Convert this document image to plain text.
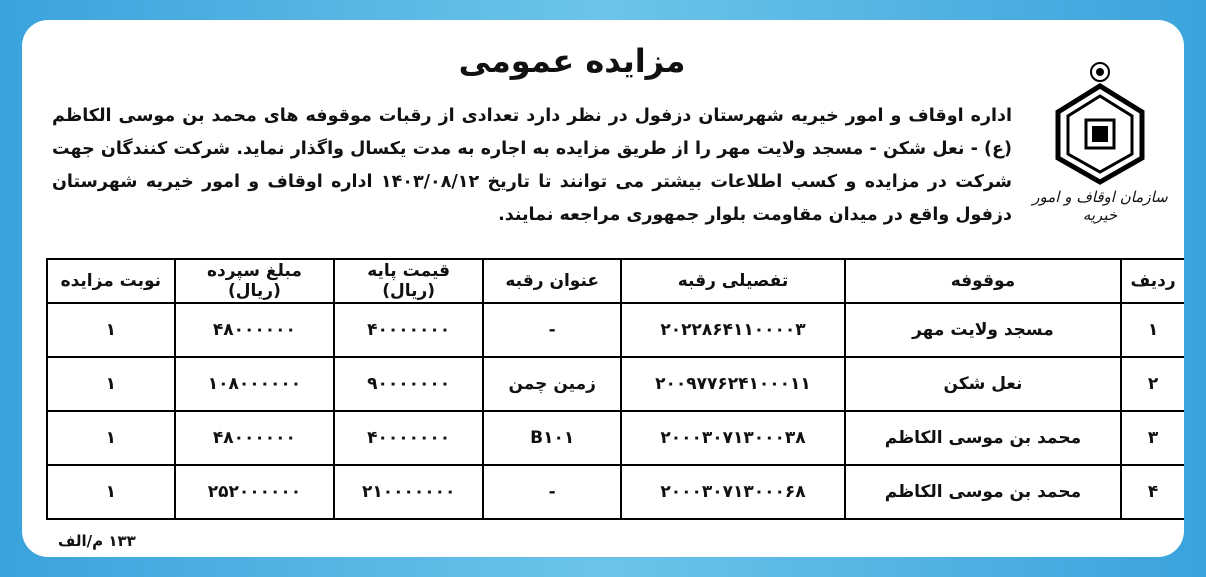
سازمان اوقاف و امور خیریه
مزایده عمومی
اداره اوقاف و امور خیریه شهرستان دزفول در نظر دارد تعدادی از رقبات موقوفه های محمد بن موسی الکاظم (ع) - نعل شکن - مسجد ولایت مهر را از طریق مزایده به اجاره به مدت یکسال واگذار نماید. شرکت کنندگان جهت شرکت در مزایده و کسب اطلاعات بیشتر می توانند تا تاریخ ۱۴۰۳/۰۸/۱۲ اداره اوقاف و امور خیریه شهرستان دزفول واقع در میدان مقاومت بلوار جمهوری مراجعه نمایند.
ردیف	موقوفه	تفصیلی رقبه	عنوان رقبه	قیمت پایه (ریال)	مبلغ سپرده (ریال)	نوبت مزایده
۱	مسجد ولایت مهر	۲۰۲۲۸۶۴۱۱۰۰۰۰۳	-	۴۰۰۰۰۰۰۰	۴۸۰۰۰۰۰۰	۱
۲	نعل شکن	۲۰۰۹۷۷۶۲۴۱۰۰۰۱۱	زمین چمن	۹۰۰۰۰۰۰۰	۱۰۸۰۰۰۰۰۰	۱
۳	محمد بن موسی الکاظم	۲۰۰۰۳۰۷۱۳۰۰۰۳۸	B۱۰۱	۴۰۰۰۰۰۰۰	۴۸۰۰۰۰۰۰	۱
۴	محمد بن موسی الکاظم	۲۰۰۰۳۰۷۱۳۰۰۰۶۸	-	۲۱۰۰۰۰۰۰۰	۲۵۲۰۰۰۰۰۰	۱
۱۳۳ م/الف
